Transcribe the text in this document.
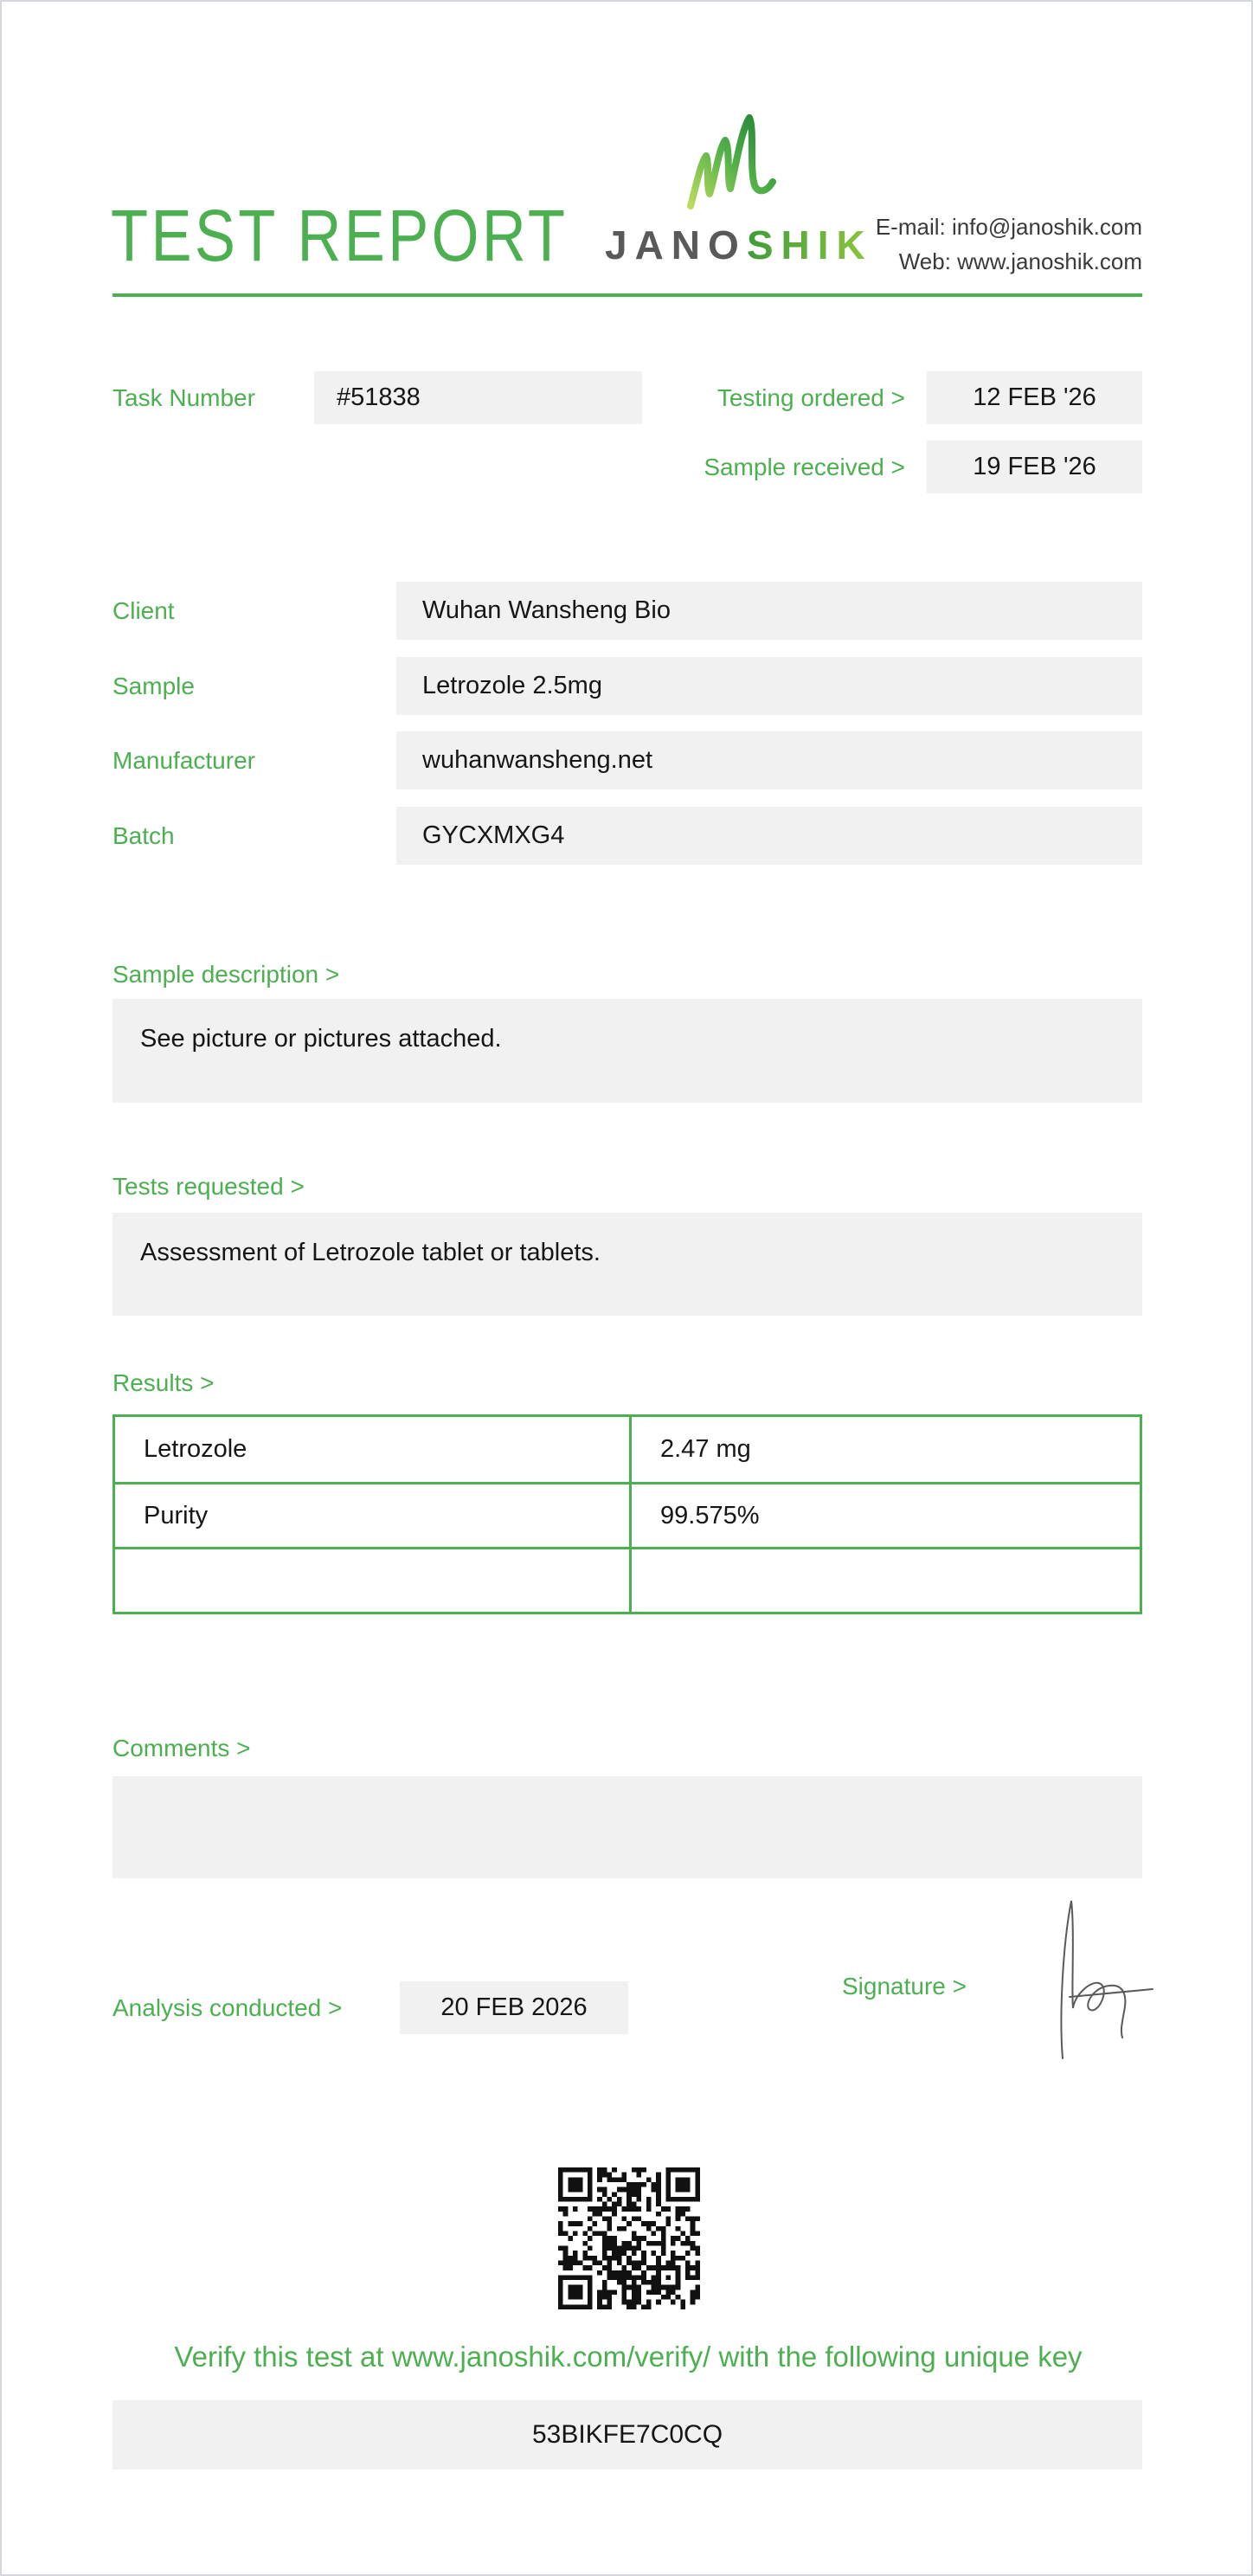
TEST REPORT JANOSHIK E-mail: info@janoshik.com
Web: www.janoshik.com
Task Number	#51838	Testing ordered >	12 FEB '26
Sample received >	19 FEB '26
Client	Wuhan Wansheng Bio
Sample	Letrozole 2.5mg
Manufacturer	wuhanwansheng.net
Batch	GYCXMXG4
Sample description >
See picture or pictures attached.
Tests requested >
Assessment of Letrozole tablet or tablets.
Results >
Letrozole	2.47 mg
Purity	99.575%
Comments >
Analysis conducted >	20 FEB 2026
Signature >
Verify this test at www.janoshik.com/verify/ with the following unique key
53BIKFE7C0CQ
